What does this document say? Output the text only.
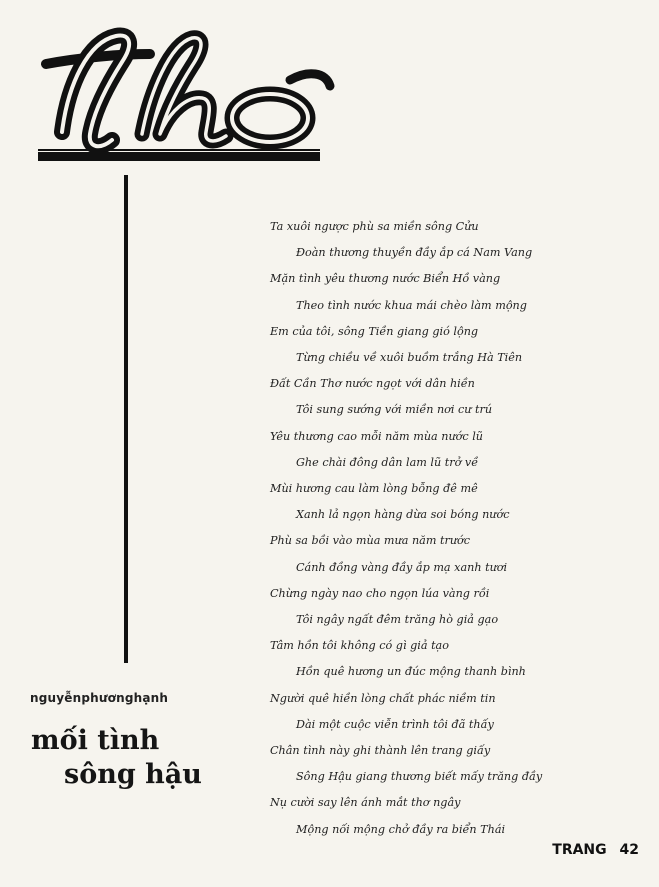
nguyễnphươnghạnh
mối tình
sông hậu
Ta xuôi ngược phù sa miền sông Cửu
Đoàn thương thuyền đầy ắp cá Nam Vang
Mặn tình yêu thương nước Biển Hồ vàng
Theo tình nước khua mái chèo làm mộng
Em của tôi, sông Tiền giang gió lộng
Từng chiều về xuôi buồm trắng Hà Tiên
Đất Cần Thơ nước ngọt với dân hiền
Tôi sung sướng với miền nơi cư trú
Yêu thương cao mỗi năm mùa nước lũ
Ghe chài đông dân lam lũ trở về
Mùi hương cau làm lòng bỗng đê mê
Xanh lả ngọn hàng dừa soi bóng nước
Phù sa bồi vào mùa mưa năm trước
Cánh đồng vàng đầy ắp mạ xanh tươi
Chừng ngày nao cho ngọn lúa vàng rồi
Tôi ngây ngất đêm trăng hò giả gạo
Tâm hồn tôi không có gì giả tạo
Hồn quê hương un đúc mộng thanh bình
Người quê hiền lòng chất phác niềm tin
Dài một cuộc viễn trình tôi đã thấy
Chân tình này ghi thành lên trang giấy
Sông Hậu giang thương biết mấy trăng đầy
Nụ cười say lên ánh mắt thơ ngây
Mộng nối mộng chở đầy ra biển Thái
TRANG 42
